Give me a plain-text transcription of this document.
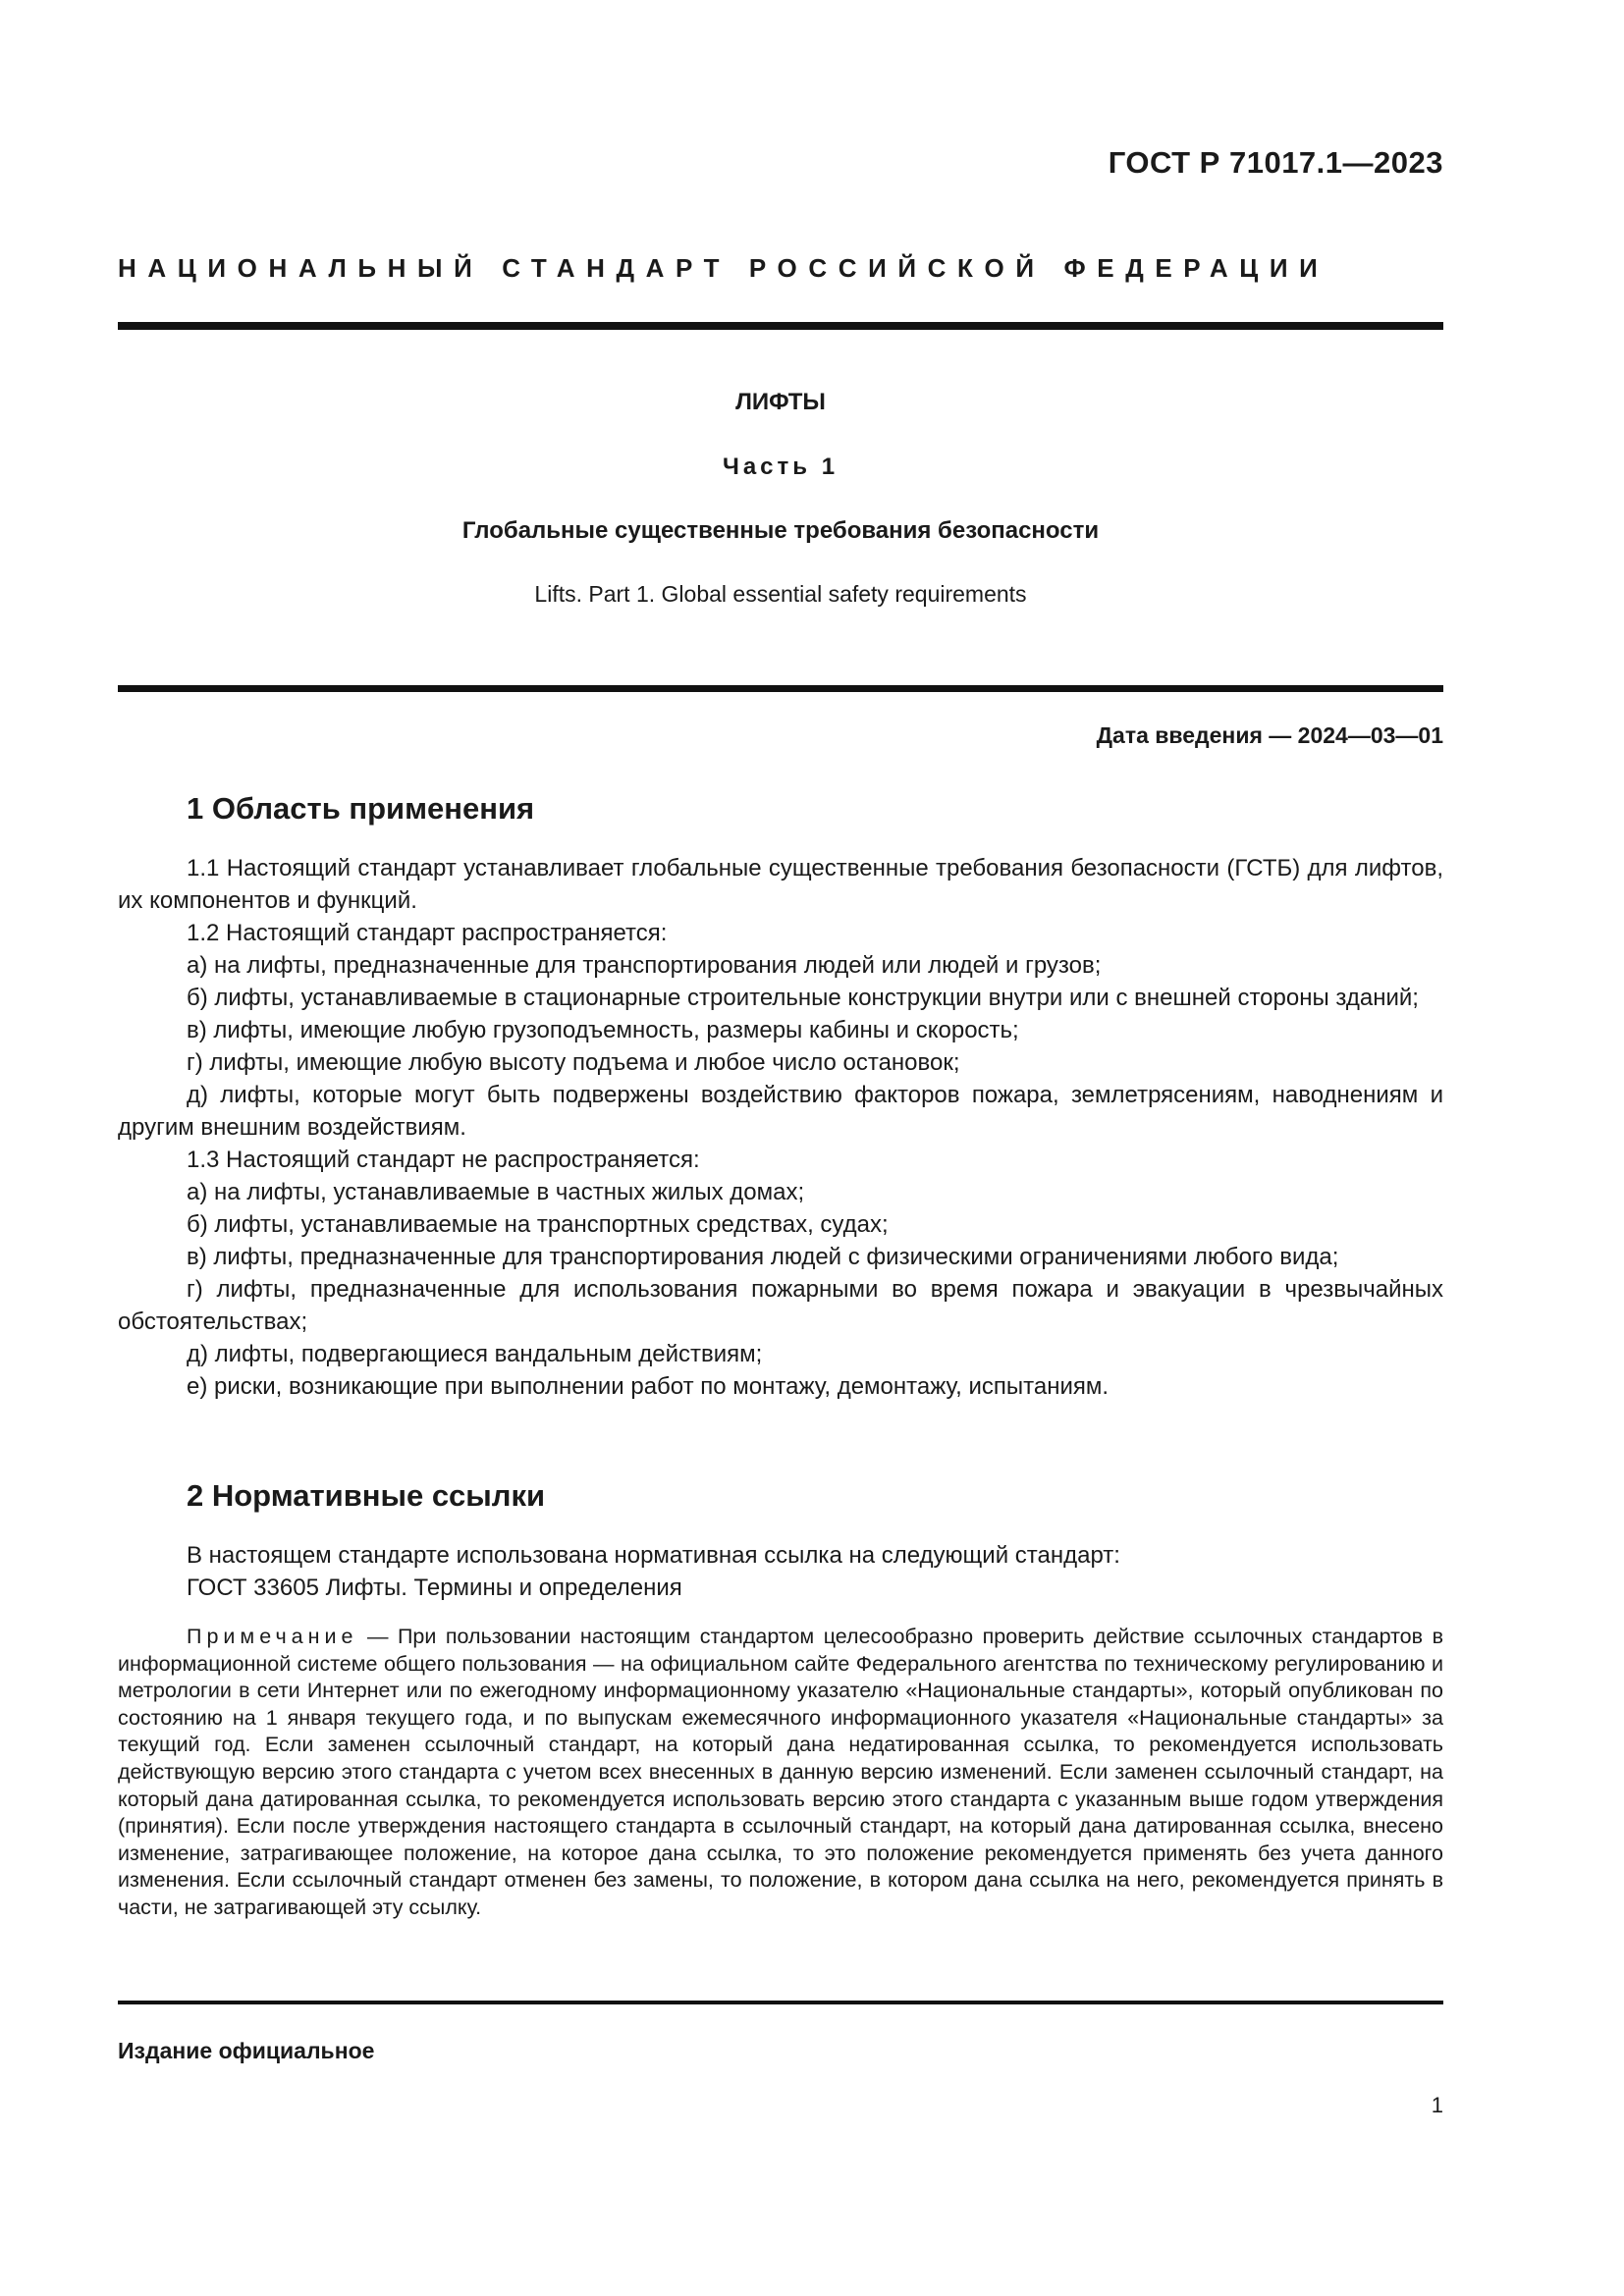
ГОСТ Р 71017.1—2023
НАЦИОНАЛЬНЫЙ СТАНДАРТ РОССИЙСКОЙ ФЕДЕРАЦИИ
ЛИФТЫ
Часть 1
Глобальные существенные требования безопасности
Lifts. Part 1. Global essential safety requirements
Дата введения — 2024—03—01
1 Область применения

1.1 Настоящий стандарт устанавливает глобальные существенные требования безопасности (ГСТБ) для лифтов, их компонентов и функций.

1.2 Настоящий стандарт распространяется:

а) на лифты, предназначенные для транспортирования людей или людей и грузов;

б) лифты, устанавливаемые в стационарные строительные конструкции внутри или с внешней стороны зданий;

в) лифты, имеющие любую грузоподъемность, размеры кабины и скорость;

г) лифты, имеющие любую высоту подъема и любое число остановок;

д) лифты, которые могут быть подвержены воздействию факторов пожара, землетрясениям, наводнениям и другим внешним воздействиям.

1.3 Настоящий стандарт не распространяется:

а) на лифты, устанавливаемые в частных жилых домах;

б) лифты, устанавливаемые на транспортных средствах, судах;

в) лифты, предназначенные для транспортирования людей с физическими ограничениями любого вида;

г) лифты, предназначенные для использования пожарными во время пожара и эвакуации в чрезвычайных обстоятельствах;

д) лифты, подвергающиеся вандальным действиям;

е) риски, возникающие при выполнении работ по монтажу, демонтажу, испытаниям.

2 Нормативные ссылки

В настоящем стандарте использована нормативная ссылка на следующий стандарт:

ГОСТ 33605 Лифты. Термины и определения

Примечание — При пользовании настоящим стандартом целесообразно проверить действие ссылочных стандартов в информационной системе общего пользования — на официальном сайте Федерального агентства по техническому регулированию и метрологии в сети Интернет или по ежегодному информационному указателю «Национальные стандарты», который опубликован по состоянию на 1 января текущего года, и по выпускам ежемесячного информационного указателя «Национальные стандарты» за текущий год. Если заменен ссылочный стандарт, на который дана недатированная ссылка, то рекомендуется использовать действующую версию этого стандарта с учетом всех внесенных в данную версию изменений. Если заменен ссылочный стандарт, на который дана датированная ссылка, то рекомендуется использовать версию этого стандарта с указанным выше годом утверждения (принятия). Если после утверждения настоящего стандарта в ссылочный стандарт, на который дана датированная ссылка, внесено изменение, затрагивающее положение, на которое дана ссылка, то это положение рекомендуется применять без учета данного изменения. Если ссылочный стандарт отменен без замены, то положение, в котором дана ссылка на него, рекомендуется принять в части, не затрагивающей эту ссылку.

Издание официальное
1
